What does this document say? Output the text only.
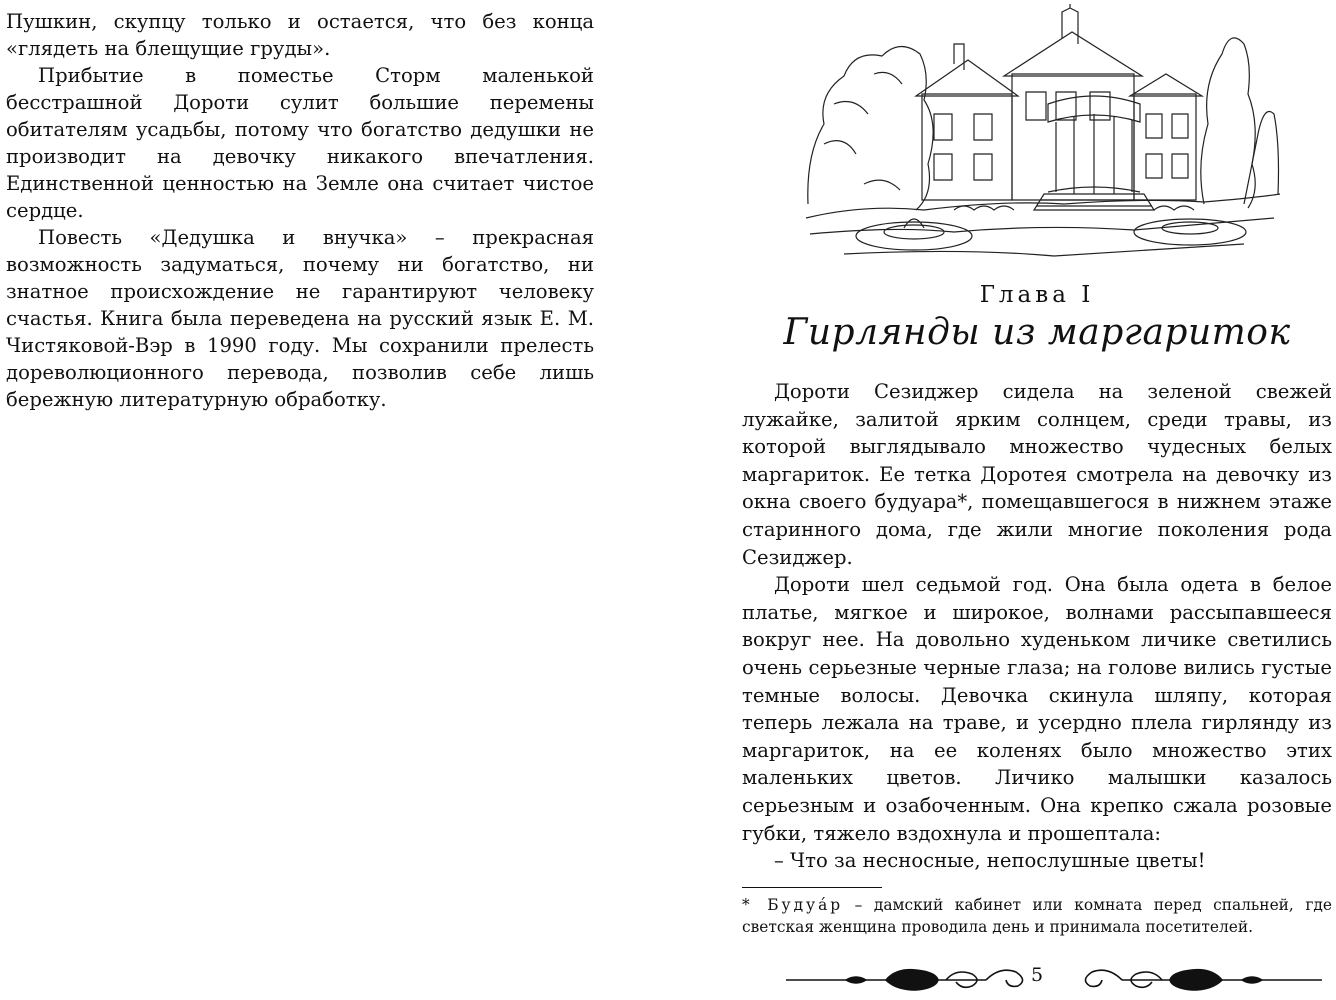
Пушкин, скупцу только и остается, что без конца «глядеть на блещущие груды».

Прибытие в поместье Сторм маленькой бесстрашной Дороти сулит большие перемены обитателям усадьбы, потому что богатство дедушки не производит на девочку никакого впечатления. Единственной ценностью на Земле она считает чистое сердце.

Повесть «Дедушка и внучка» – прекрасная возможность задуматься, почему ни богатство, ни знатное происхождение не гарантируют человеку счастья. Книга была переведена на русский язык Е. М. Чистяковой-Вэр в 1990 году. Мы сохранили прелесть дореволюционного перевода, позволив себе лишь бережную литературную обработку.

Глава I
Гирлянды из маргариток

Дороти Сезиджер сидела на зеленой свежей лужайке, залитой ярким солнцем, среди травы, из которой выглядывало множество чудесных белых маргариток. Ее тетка Доротея смотрела на девочку из окна своего будуара*, помещавшегося в нижнем этаже старинного дома, где жили многие поколения рода Сезиджер.

Дороти шел седьмой год. Она была одета в белое платье, мягкое и широкое, волнами рассыпавшееся вокруг нее. На довольно худеньком личике светились очень серьезные черные глаза; на голове вились густые темные волосы. Девочка скинула шляпу, которая теперь лежала на траве, и усердно плела гирлянду из маргариток, на ее коленях было множество этих маленьких цветов. Личико малышки казалось серьезным и озабоченным. Она крепко сжала розовые губки, тяжело вздохнула и прошептала:

– Что за несносные, непослушные цветы!

* Будуа́р – дамский кабинет или комната перед спальней, где светская женщина проводила день и принимала посетителей.
5
